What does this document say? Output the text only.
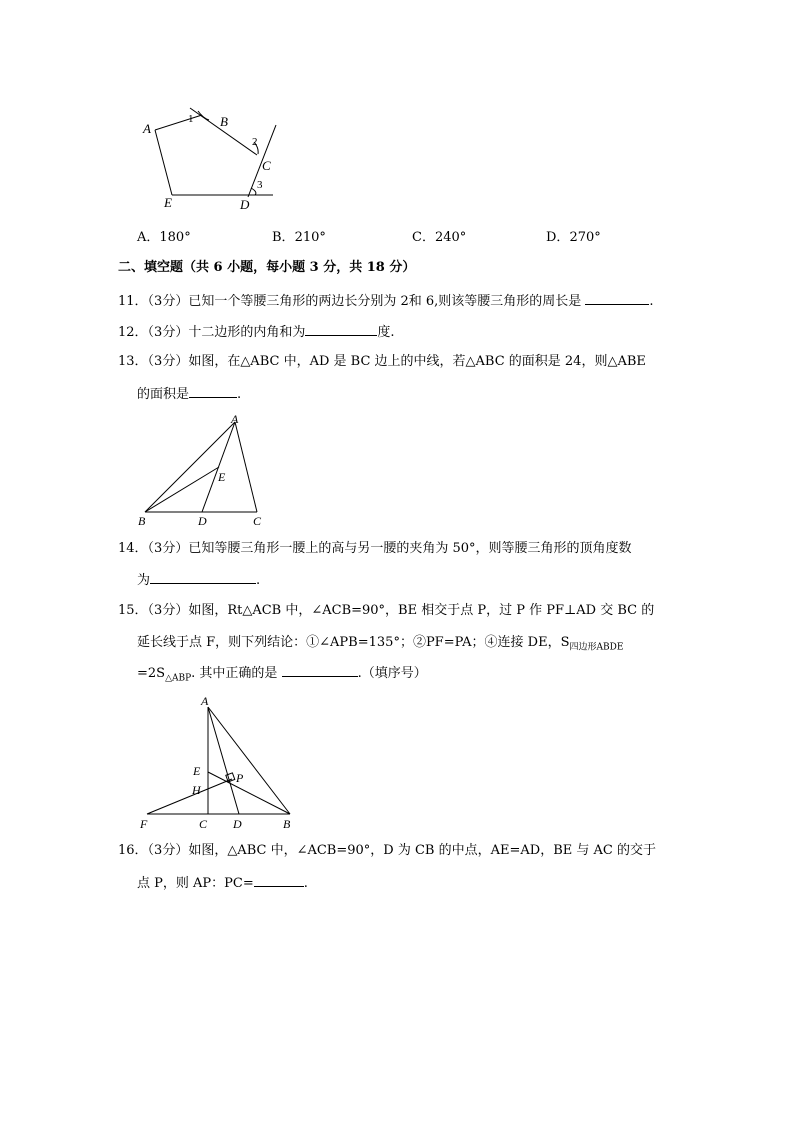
A	B
C
D
E
1
2
3
A．180°	B．210°	C．240°	D．270°
二、填空题（共 6 小题，每小题 3 分，共 18 分）
11．（3分）已知一个等腰三角形的两边长分别为 2和 6,则该等腰三角形的周长是	.
12．（3分）十二边形的内角和为	度.
13．（3分）如图，在△ABC 中，AD 是 BC 边上的中线，若△ABC 的面积是 24，则△ABE
的面积是	.
A
B	C
D
E
14．（3分）已知等腰三角形一腰上的高与另一腰的夹角为 50°，则等腰三角形的顶角度数
为	.
15．（3分）如图，Rt△ACB 中，∠ACB=90°，BE 相交于点 P，过 P 作 PF⊥AD 交 BC 的
延长线于点 F，则下列结论：①∠APB=135°；②PF=PA；④连接 DE，$S_{四边形ABDE}$
$=2S_{\triangle ABP}$. 其中正确的是	.（填序号）
A
E	P
H
F	C D	B
16．（3分）如图，△ABC 中，∠ACB=90°，D 为 CB 的中点，AE=AD，BE 与 AC 的交于
点 P，则 AP：PC=	.
